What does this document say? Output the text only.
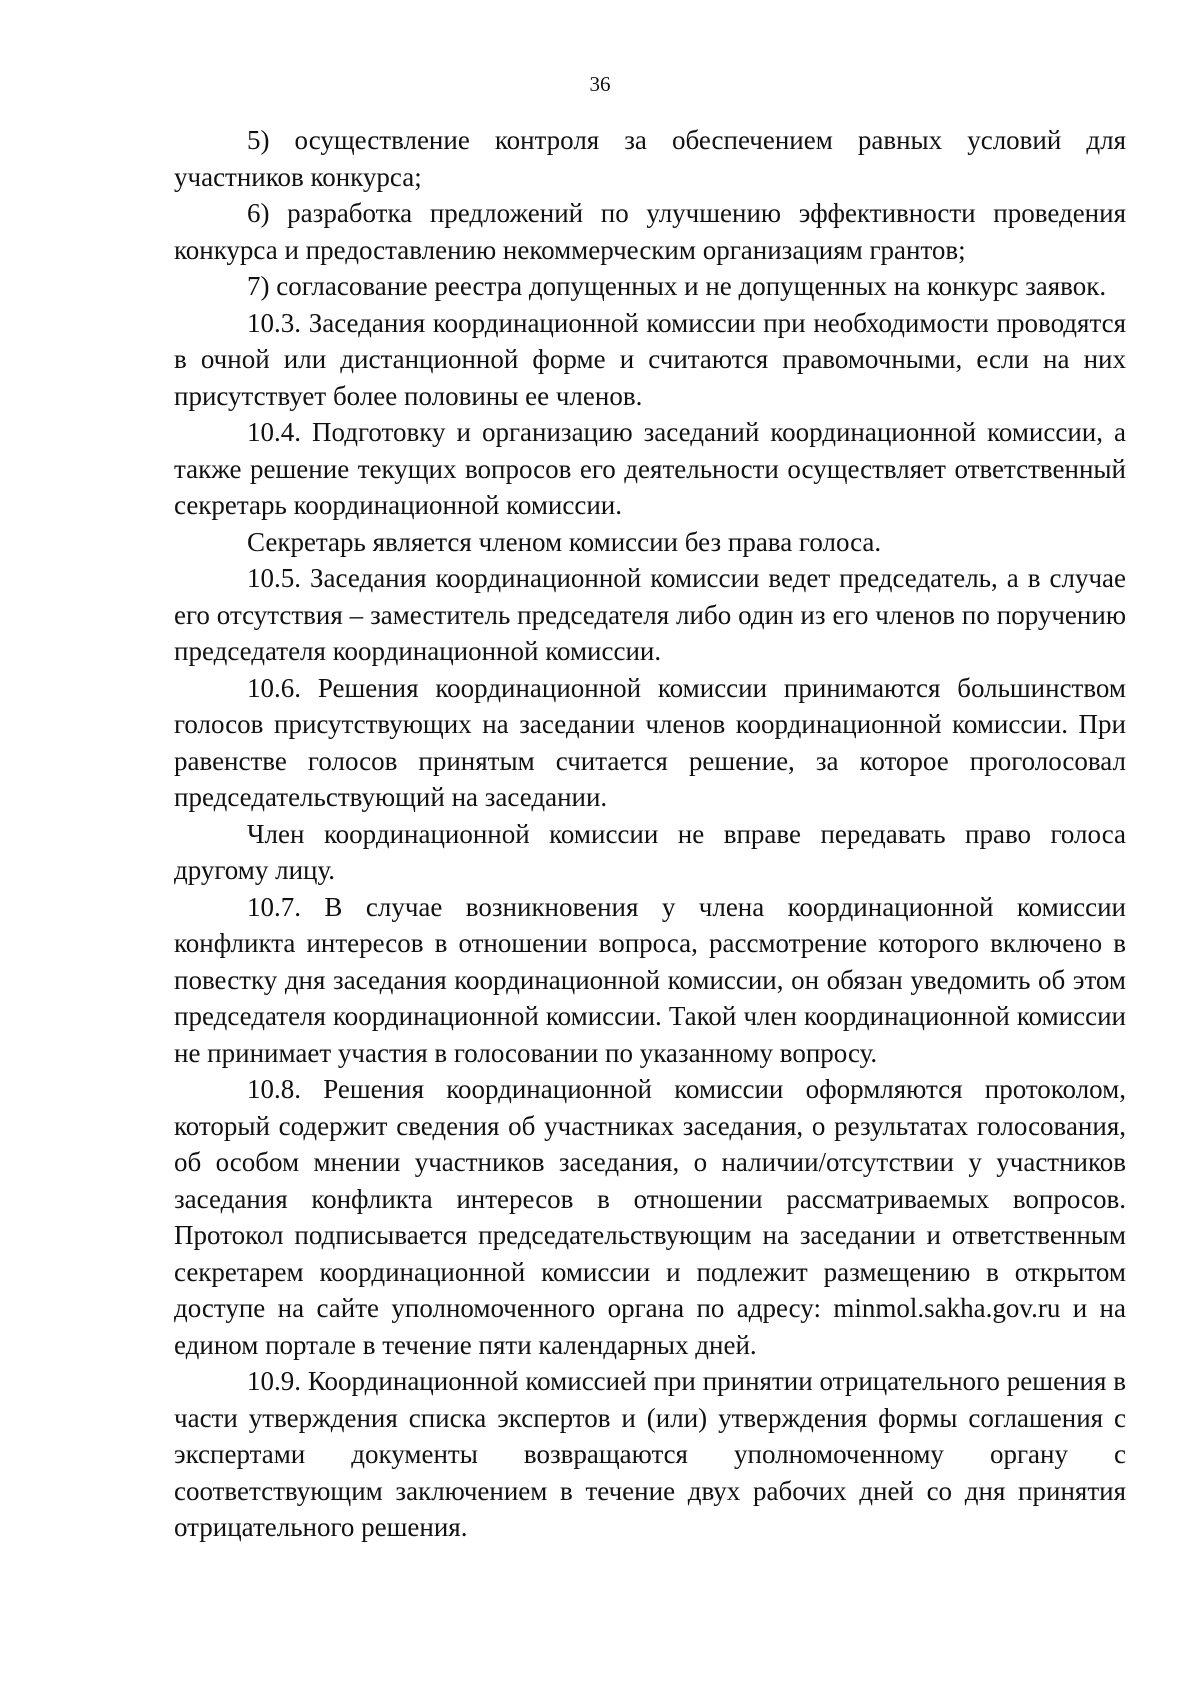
36

5) осуществление контроля за обеспечением равных условий для участников конкурса;

6) разработка предложений по улучшению эффективности проведения конкурса и предоставлению некоммерческим организациям грантов;

7) согласование реестра допущенных и не допущенных на конкурс заявок.

10.3. Заседания координационной комиссии при необходимости проводятся в очной или дистанционной форме и считаются правомочными, если на них присутствует более половины ее членов.

10.4. Подготовку и организацию заседаний координационной комиссии, а также решение текущих вопросов его деятельности осуществляет ответственный секретарь координационной комиссии.

Секретарь является членом комиссии без права голоса.

10.5. Заседания координационной комиссии ведет председатель, а в случае его отсутствия – заместитель председателя либо один из его членов по поручению председателя координационной комиссии.

10.6. Решения координационной комиссии принимаются большинством голосов присутствующих на заседании членов координационной комиссии. При равенстве голосов принятым считается решение, за которое проголосовал председательствующий на заседании.

Член координационной комиссии не вправе передавать право голоса другому лицу.

10.7. В случае возникновения у члена координационной комиссии конфликта интересов в отношении вопроса, рассмотрение которого включено в повестку дня заседания координационной комиссии, он обязан уведомить об этом председателя координационной комиссии. Такой член координационной комиссии не принимает участия в голосовании по указанному вопросу.

10.8. Решения координационной комиссии оформляются протоколом, который содержит сведения об участниках заседания, о результатах голосования, об особом мнении участников заседания, о наличии/отсутствии у участников заседания конфликта интересов в отношении рассматриваемых вопросов. Протокол подписывается председательствующим на заседании и ответственным секретарем координационной комиссии и подлежит размещению в открытом доступе на сайте уполномоченного органа по адресу: minmol.sakha.gov.ru и на едином портале в течение пяти календарных дней.

10.9. Координационной комиссией при принятии отрицательного решения в части утверждения списка экспертов и (или) утверждения формы соглашения с экспертами документы возвращаются уполномоченному органу с соответствующим заключением в течение двух рабочих дней со дня принятия отрицательного решения.
